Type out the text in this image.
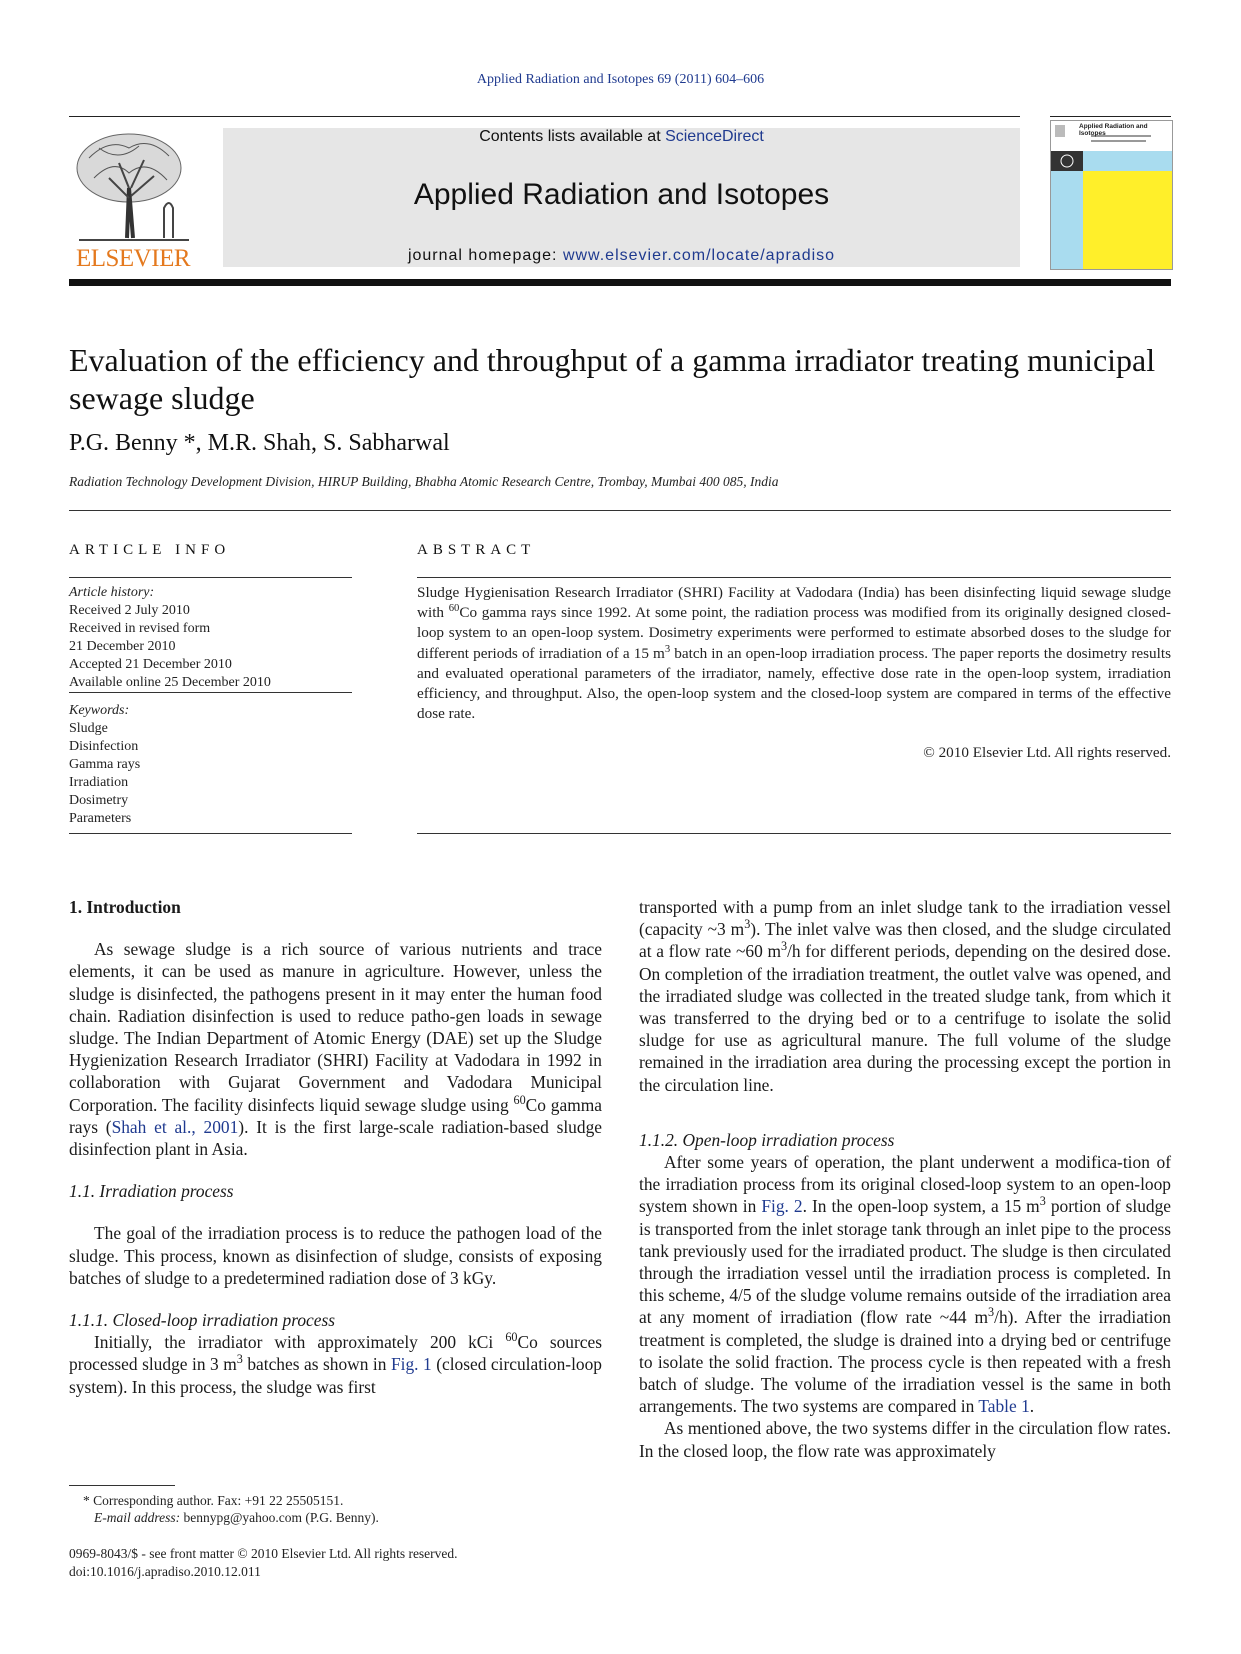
Applied Radiation and Isotopes 69 (2011) 604–606
ELSEVIER
Contents lists available at ScienceDirect
Applied Radiation and Isotopes
journal homepage: www.elsevier.com/locate/apradiso
Applied Radiation and Isotopes
Evaluation of the efficiency and throughput of a gamma irradiator treating municipal sewage sludge
P.G. Benny *, M.R. Shah, S. Sabharwal
Radiation Technology Development Division, HIRUP Building, Bhabha Atomic Research Centre, Trombay, Mumbai 400 085, India
ARTICLE INFO	ABSTRACT
Article history:
Received 2 July 2010
Received in revised form
21 December 2010
Accepted 21 December 2010
Available online 25 December 2010
Keywords:
Sludge
Disinfection
Gamma rays
Irradiation
Dosimetry
Parameters
Sludge Hygienisation Research Irradiator (SHRI) Facility at Vadodara (India) has been disinfecting liquid sewage sludge with $^{60}$Co gamma rays since 1992. At some point, the radiation process was modified from its originally designed closed-loop system to an open-loop system. Dosimetry experiments were performed to estimate absorbed doses to the sludge for different periods of irradiation of a 15 $m^3$ batch in an open-loop irradiation process. The paper reports the dosimetry results and evaluated operational parameters of the irradiator, namely, effective dose rate in the open-loop system, irradiation efficiency, and throughput. Also, the open-loop system and the closed-loop system are compared in terms of the effective dose rate.
© 2010 Elsevier Ltd. All rights reserved.
1. Introduction

As sewage sludge is a rich source of various nutrients and trace elements, it can be used as manure in agriculture. However, unless the sludge is disinfected, the pathogens present in it may enter the human food chain. Radiation disinfection is used to reduce patho-gen loads in sewage sludge. The Indian Department of Atomic Energy (DAE) set up the Sludge Hygienization Research Irradiator (SHRI) Facility at Vadodara in 1992 in collaboration with Gujarat Government and Vadodara Municipal Corporation. The facility disinfects liquid sewage sludge using $^{60}$Co gamma rays (Shah et al., 2001). It is the first large-scale radiation-based sludge disinfection plant in Asia.

1.1. Irradiation process

The goal of the irradiation process is to reduce the pathogen load of the sludge. This process, known as disinfection of sludge, consists of exposing batches of sludge to a predetermined radiation dose of 3 kGy.

1.1.1. Closed-loop irradiation process

Initially, the irradiator with approximately 200 kCi $^{60}$Co sources processed sludge in 3 $m^3$ batches as shown in Fig. 1 (closed circulation-loop system). In this process, the sludge was first

transported with a pump from an inlet sludge tank to the irradiation vessel (capacity ~3 $m^3$). The inlet valve was then closed, and the sludge circulated at a flow rate ~60 $m^3/h$ for different periods, depending on the desired dose. On completion of the irradiation treatment, the outlet valve was opened, and the irradiated sludge was collected in the treated sludge tank, from which it was transferred to the drying bed or to a centrifuge to isolate the solid sludge for use as agricultural manure. The full volume of the sludge remained in the irradiation area during the processing except the portion in the circulation line.

1.1.2. Open-loop irradiation process

After some years of operation, the plant underwent a modifica-tion of the irradiation process from its original closed-loop system to an open-loop system shown in Fig. 2. In the open-loop system, a 15 $m^3$ portion of sludge is transported from the inlet storage tank through an inlet pipe to the process tank previously used for the irradiated product. The sludge is then circulated through the irradiation vessel until the irradiation process is completed. In this scheme, 4/5 of the sludge volume remains outside of the irradiation area at any moment of irradiation (flow rate ~44 $m^3/h$). After the irradiation treatment is completed, the sludge is drained into a drying bed or centrifuge to isolate the solid fraction. The process cycle is then repeated with a fresh batch of sludge. The volume of the irradiation vessel is the same in both arrangements. The two systems are compared in Table 1.

As mentioned above, the two systems differ in the circulation flow rates. In the closed loop, the flow rate was approximately

* Corresponding author. Fax: +91 22 25505151.
E-mail address: bennypg@yahoo.com (P.G. Benny).
0969-8043/$ - see front matter © 2010 Elsevier Ltd. All rights reserved.
doi:10.1016/j.apradiso.2010.12.011
